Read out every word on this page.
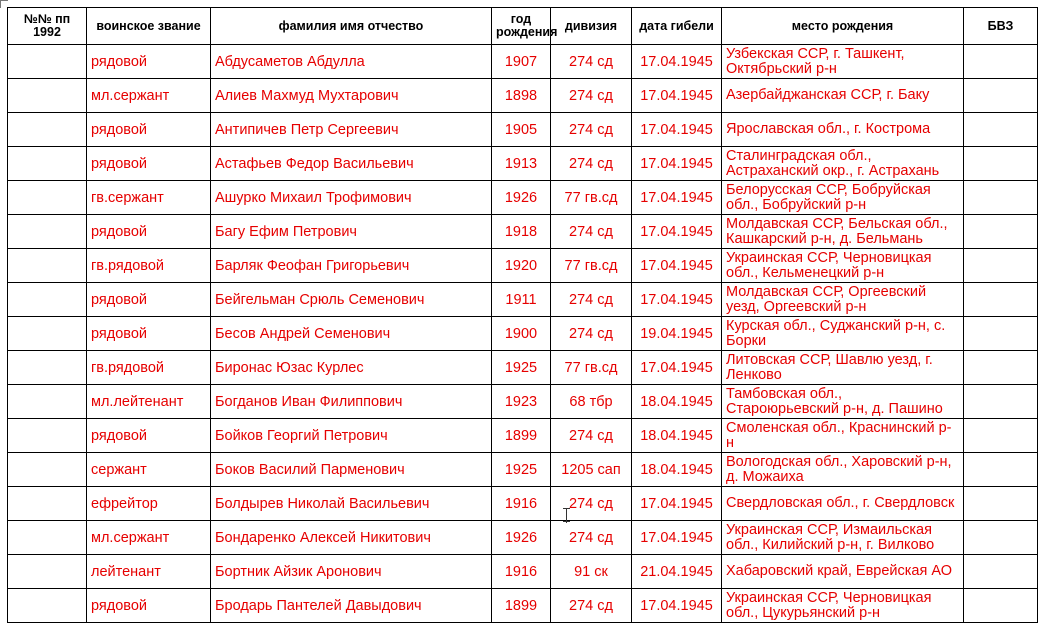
№№ пп 1992	воинское звание	фамилия имя отчество	год рождения	дивизия	дата гибели	место рождения	БВЗ
	рядовой	Абдусаметов Абдулла	1907	274 сд	17.04.1945	Узбекская ССР, г. Ташкент, Октябрьский р-н	
	мл.сержант	Алиев Махмуд Мухтарович	1898	274 сд	17.04.1945	Азербайджанская ССР, г. Баку	
	рядовой	Антипичев Петр Сергеевич	1905	274 сд	17.04.1945	Ярославская обл., г. Кострома	
	рядовой	Астафьев Федор Васильевич	1913	274 сд	17.04.1945	Сталинградская обл., Астраханский окр., г. Астрахань	
	гв.сержант	Ашурко Михаил Трофимович	1926	77 гв.сд	17.04.1945	Белорусская ССР, Бобруйская обл., Бобруйский р-н	
	рядовой	Багу Ефим Петрович	1918	274 сд	17.04.1945	Молдавская ССР, Бельская обл., Кашкарский р-н, д. Бельмань	
	гв.рядовой	Барляк Феофан Григорьевич	1920	77 гв.сд	17.04.1945	Украинская ССР, Черновицкая обл., Кельменецкий р-н	
	рядовой	Бейгельман Срюль Семенович	1911	274 сд	17.04.1945	Молдавская ССР, Оргеевский уезд, Оргеевский р-н	
	рядовой	Бесов Андрей Семенович	1900	274 сд	19.04.1945	Курская обл., Суджанский р-н, с. Борки	
	гв.рядовой	Биронас Юзас Курлес	1925	77 гв.сд	17.04.1945	Литовская ССР, Шавлю уезд, г. Ленково	
	мл.лейтенант	Богданов Иван Филиппович	1923	68 тбр	18.04.1945	Тамбовская обл., Староюрьевский р-н, д. Пашино	
	рядовой	Бойков Георгий Петрович	1899	274 сд	18.04.1945	Смоленская обл., Краснинский р-н	
	сержант	Боков Василий Парменович	1925	1205 сап	18.04.1945	Вологодская обл., Харовский р-н, д. Можаиха	
	ефрейтор	Болдырев Николай Васильевич	1916	274 сд	17.04.1945	Свердловская обл., г. Свердловск	
	мл.сержант	Бондаренко Алексей Никитович	1926	274 сд	17.04.1945	Украинская ССР, Измаильская обл., Килийский р-н, г. Вилково	
	лейтенант	Бортник Айзик Аронович	1916	91 ск	21.04.1945	Хабаровский край, Еврейская АО	
	рядовой	Бродарь Пантелей Давыдович	1899	274 сд	17.04.1945	Украинская ССР, Черновицкая обл., Цукурьянский р-н	
